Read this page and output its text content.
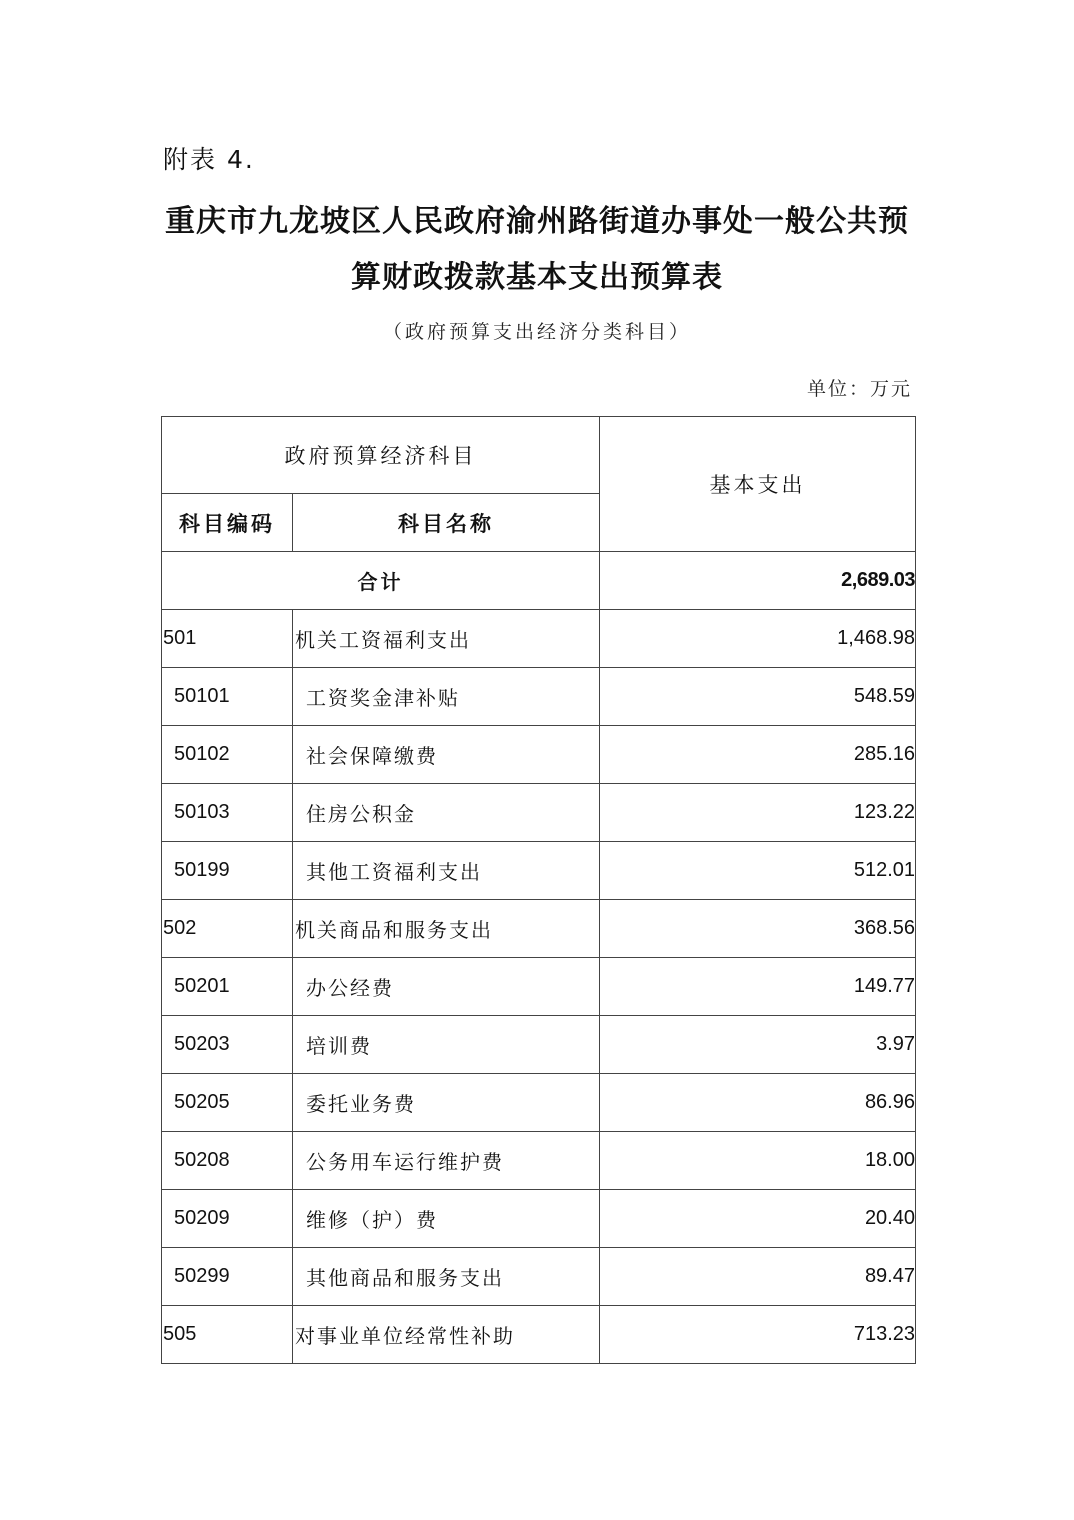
附表 4.
重庆市九龙坡区人民政府渝州路街道办事处一般公共预
算财政拨款基本支出预算表
（政府预算支出经济分类科目）
单位：万元
政府预算经济科目		基本支出
科目编码	科目名称	
合计		2,689.03
501	机关工资福利支出	1,468.98
50101	工资奖金津补贴	548.59
50102	社会保障缴费	285.16
50103	住房公积金	123.22
50199	其他工资福利支出	512.01
502	机关商品和服务支出	368.56
50201	办公经费	149.77
50203	培训费	3.97
50205	委托业务费	86.96
50208	公务用车运行维护费	18.00
50209	维修（护）费	20.40
50299	其他商品和服务支出	89.47
505	对事业单位经常性补助	713.23
